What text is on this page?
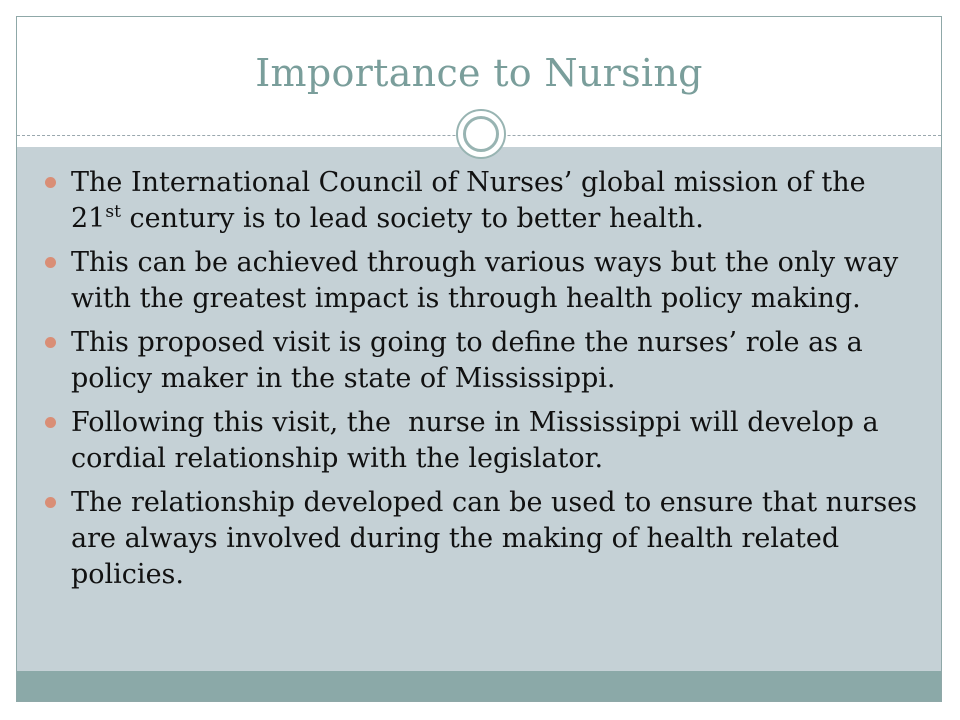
Importance to Nursing
The International Council of Nurses’ global mission of the 21st century is to lead society to better health.
This can be achieved through various ways but the only way with the greatest impact is through health policy making.
This proposed visit is going to define the nurses’ role as a policy maker in the state of Mississippi.
Following this visit, the  nurse in Mississippi will develop a cordial relationship with the legislator.
The relationship developed can be used to ensure that nurses are always involved during the making of health related policies.
